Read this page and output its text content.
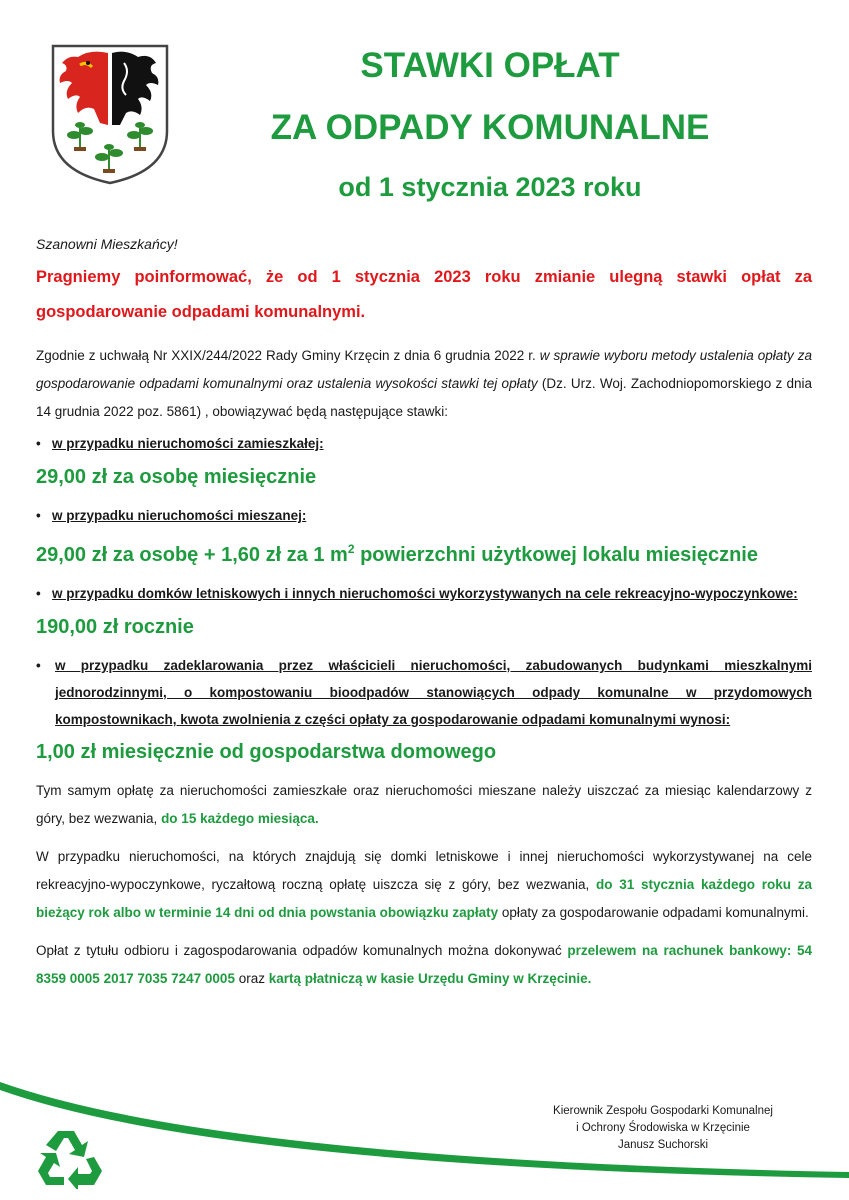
STAWKI OPŁAT
ZA ODPADY KOMUNALNE
od 1 stycznia 2023 roku

Szanowni Mieszkańcy!

Pragniemy poinformować, że od 1 stycznia 2023 roku zmianie ulegną stawki opłat za gospodarowanie odpadami komunalnymi.

Zgodnie z uchwałą Nr XXIX/244/2022 Rady Gminy Krzęcin z dnia 6 grudnia 2022 r. w sprawie wyboru metody ustalenia opłaty za gospodarowanie odpadami komunalnymi oraz ustalenia wysokości stawki tej opłaty (Dz. Urz. Woj. Zachodniopomorskiego z dnia 14 grudnia 2022 poz. 5861) , obowiązywać będą następujące stawki:

• w przypadku nieruchomości zamieszkałej:

29,00 zł za osobę miesięcznie

• w przypadku nieruchomości mieszanej:

29,00 zł za osobę + 1,60 zł za 1 $m^2$ powierzchni użytkowej lokalu miesięcznie

• w przypadku domków letniskowych i innych nieruchomości wykorzystywanych na cele rekreacyjno-wypoczynkowe:

190,00 zł rocznie

• w przypadku zadeklarowania przez właścicieli nieruchomości, zabudowanych budynkami mieszkalnymi jednorodzinnymi, o kompostowaniu bioodpadów stanowiących odpady komunalne w przydomowych kompostownikach, kwota zwolnienia z części opłaty za gospodarowanie odpadami komunalnymi wynosi:

1,00 zł miesięcznie od gospodarstwa domowego

Tym samym opłatę za nieruchomości zamieszkałe oraz nieruchomości mieszane należy uiszczać za miesiąc kalendarzowy z góry, bez wezwania, do 15 każdego miesiąca.

W przypadku nieruchomości, na których znajdują się domki letniskowe i innej nieruchomości wykorzystywanej na cele rekreacyjno-wypoczynkowe, ryczałtową roczną opłatę uiszcza się z góry, bez wezwania, do 31 stycznia każdego roku za bieżący rok albo w terminie 14 dni od dnia powstania obowiązku zapłaty opłaty za gospodarowanie odpadami komunalnymi.

Opłat z tytułu odbioru i zagospodarowania odpadów komunalnych można dokonywać przelewem na rachunek bankowy: 54 8359 0005 2017 7035 7247 0005 oraz kartą płatniczą w kasie Urzędu Gminy w Krzęcinie.

Kierownik Zespołu Gospodarki Komunalnej
i Ochrony Środowiska w Krzęcinie
Janusz Suchorski
